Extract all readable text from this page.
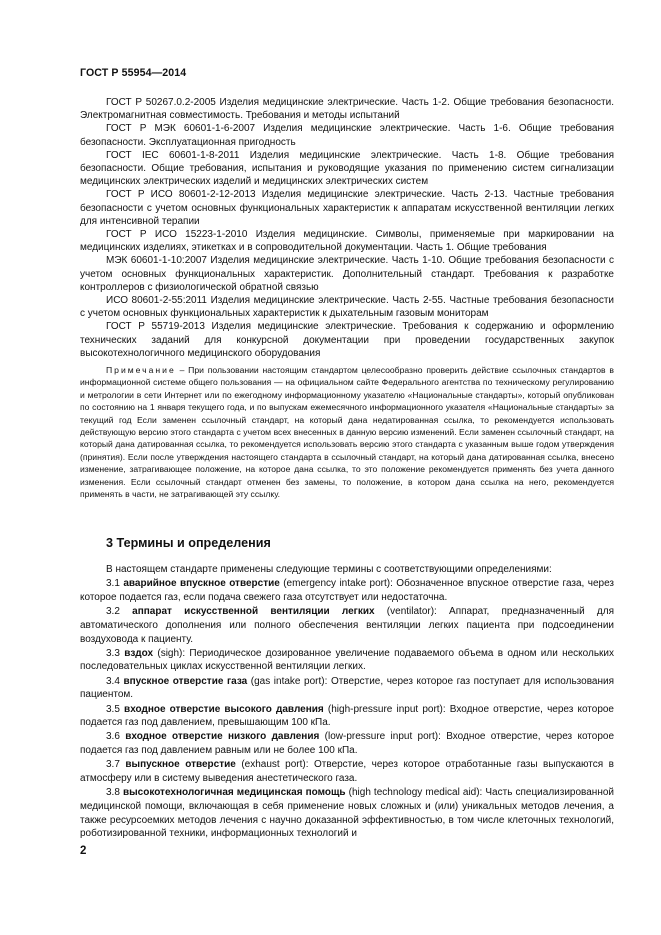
ГОСТ Р 55954—2014

ГОСТ Р 50267.0.2-2005 Изделия медицинские электрические. Часть 1-2. Общие требования безопасности. Электромагнитная совместимость. Требования и методы испытаний

ГОСТ Р МЭК 60601-1-6-2007 Изделия медицинские электрические. Часть 1-6. Общие требования безопасности. Эксплуатационная пригодность

ГОСТ IEC 60601-1-8-2011 Изделия медицинские электрические. Часть 1-8. Общие требования безопасности. Общие требования, испытания и руководящие указания по применению систем сигнализации медицинских электрических изделий и медицинских электрических систем

ГОСТ Р ИСО 80601-2-12-2013 Изделия медицинские электрические. Часть 2-13. Частные требования безопасности с учетом основных функциональных характеристик к аппаратам искусственной вентиляции легких для интенсивной терапии

ГОСТ Р ИСО 15223-1-2010 Изделия медицинские. Символы, применяемые при маркировании на медицинских изделиях, этикетках и в сопроводительной документации. Часть 1. Общие требования

МЭК 60601-1-10:2007 Изделия медицинские электрические. Часть 1-10. Общие требования безопасности с учетом основных функциональных характеристик. Дополнительный стандарт. Требования к разработке контроллеров с физиологической обратной связью

ИСО 80601-2-55:2011 Изделия медицинские электрические. Часть 2-55. Частные требования безопасности с учетом основных функциональных характеристик к дыхательным газовым мониторам

ГОСТ Р 55719-2013 Изделия медицинские электрические. Требования к содержанию и оформлению технических заданий для конкурсной документации при проведении государственных закупок высокотехнологичного медицинского оборудования

Примечание – При пользовании настоящим стандартом целесообразно проверить действие ссылочных стандартов в информационной системе общего пользования — на официальном сайте Федерального агентства по техническому регулированию и метрологии в сети Интернет или по ежегодному информационному указателю «Национальные стандарты», который опубликован по состоянию на 1 января текущего года, и по выпускам ежемесячного информационного указателя «Национальные стандарты» за текущий год Если заменен ссылочный стандарт, на который дана недатированная ссылка, то рекомендуется использовать действующую версию этого стандарта с учетом всех внесенных в данную версию изменений. Если заменен ссылочный стандарт, на который дана датированная ссылка, то рекомендуется использовать версию этого стандарта с указанным выше годом утверждения (принятия). Если после утверждения настоящего стандарта в ссылочный стандарт, на который дана датированная ссылка, внесено изменение, затрагивающее положение, на которое дана ссылка, то это положение рекомендуется применять без учета данного изменения. Если ссылочный стандарт отменен без замены, то положение, в котором дана ссылка на него, рекомендуется применять в части, не затрагивающей эту ссылку.

3 Термины и определения

В настоящем стандарте применены следующие термины с соответствующими определениями:

3.1 аварийное впускное отверстие (emergency intake port): Обозначенное впускное отверстие газа, через которое подается газ, если подача свежего газа отсутствует или недостаточна.

3.2 аппарат искусственной вентиляции легких (ventilator): Аппарат, предназначенный для автоматического дополнения или полного обеспечения вентиляции легких пациента при подсоединении воздуховода к пациенту.

3.3 вздох (sigh): Периодическое дозированное увеличение подаваемого объема в одном или нескольких последовательных циклах искусственной вентиляции легких.

3.4 впускное отверстие газа (gas intake port): Отверстие, через которое газ поступает для использования пациентом.

3.5 входное отверстие высокого давления (high-pressure input port): Входное отверстие, через которое подается газ под давлением, превышающим 100 кПа.

3.6 входное отверстие низкого давления (low-pressure input port): Входное отверстие, через которое подается газ под давлением равным или не более 100 кПа.

3.7 выпускное отверстие (exhaust port): Отверстие, через которое отработанные газы выпускаются в атмосферу или в систему выведения анестетического газа.

3.8 высокотехнологичная медицинская помощь (high technology medical aid): Часть специализированной медицинской помощи, включающая в себя применение новых сложных и (или) уникальных методов лечения, а также ресурсоемких методов лечения с научно доказанной эффективностью, в том числе клеточных технологий, роботизированной техники, информационных технологий и

2
